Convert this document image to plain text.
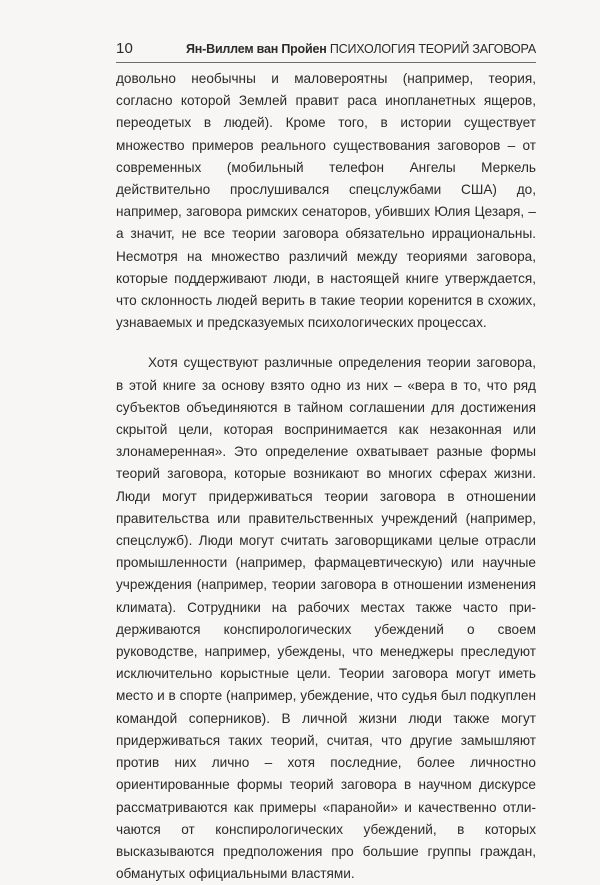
10	Ян-Виллем ван Пройен ПСИХОЛОГИЯ ТЕОРИЙ ЗАГОВОРА

довольно необычны и маловероятны (например, теория, согласно которой Землей правит раса инопланетных ящеров, переодетых в людей). Кроме того, в истории существует множество примеров реального существования заговоров – от современных (мобильный телефон Ангелы Меркель действительно прослушивался спецслужбами США) до, например, заговора римских сенаторов, убивших Юлия Цезаря, – а значит, не все теории заговора обязательно иррациональны. Несмотря на множество различий между теориями заговора, которые поддерживают люди, в настоящей книге утверждается, что склонность людей верить в такие теории коренится в схожих, узнаваемых и предсказуемых психологических процессах.

Хотя существуют различные определения теории заговора, в этой книге за основу взято одно из них – «вера в то, что ряд субъектов объединяются в тайном соглашении для достижения скрытой цели, которая воспринимается как незаконная или злонамеренная». Это определение охватывает разные формы теорий заговора, которые возникают во многих сферах жизни. Люди могут придерживаться теории заговора в отношении правительства или правительственных учреждений (например, спецслужб). Люди могут считать заговорщиками целые отрасли промышленности (например, фармацевтическую) или научные учреждения (например, теории заговора в отношении изменения климата). Сотрудники на рабочих местах также часто придерживаются конспирологических убеждений о своем руководстве, например, убеждены, что менеджеры преследуют исключительно корыстные цели. Теории заговора могут иметь место и в спорте (например, убеждение, что судья был подкуплен командой соперников). В личной жизни люди также могут придерживаться таких теорий, считая, что другие замышляют против них лично – хотя последние, более личностно ориентированные формы теорий заговора в научном дискурсе рассматриваются как примеры «паранойи» и качественно отличаются от конспирологических убеждений, в которых высказываются предположения про большие группы граждан, обманутых официальными властями.
